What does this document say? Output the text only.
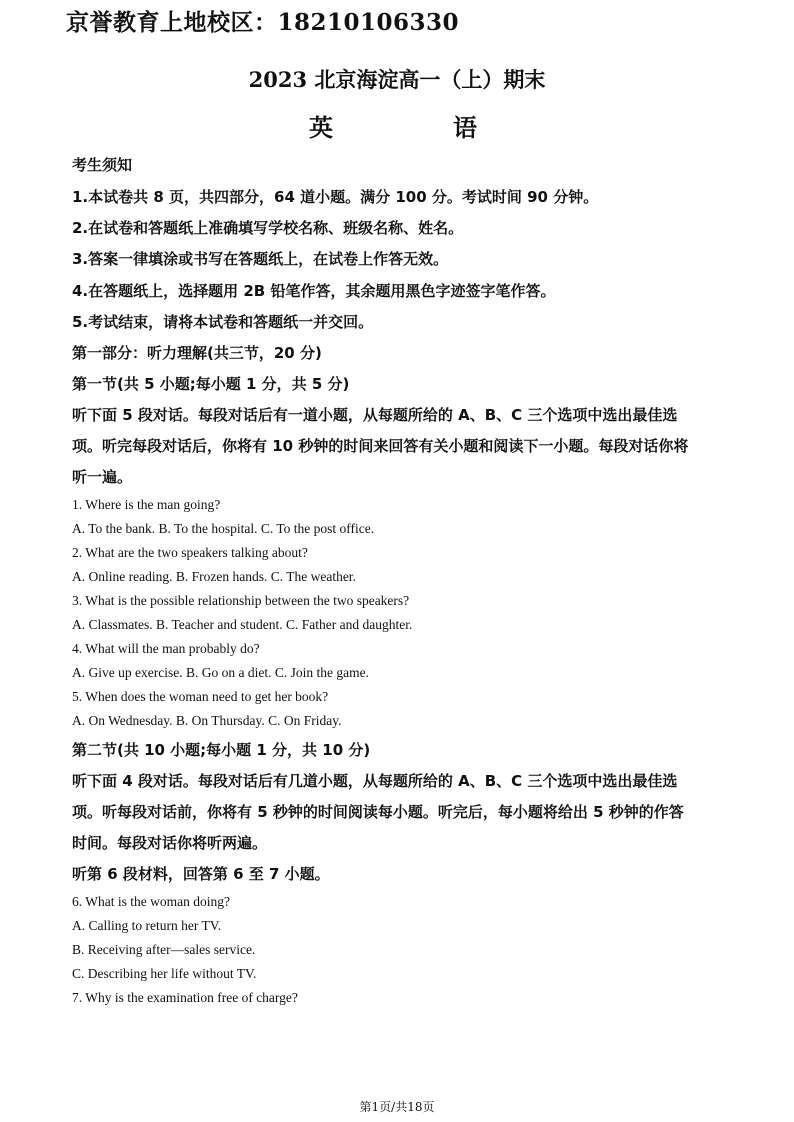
京誉教育上地校区：18210106330
2023 北京海淀高一（上）期末
英　语
考生须知
1.本试卷共 8 页，共四部分，64 道小题。满分 100 分。考试时间 90 分钟。
2.在试卷和答题纸上准确填写学校名称、班级名称、姓名。
3.答案一律填涂或书写在答题纸上，在试卷上作答无效。
4.在答题纸上，选择题用 2B 铅笔作答，其余题用黑色字迹签字笔作答。
5.考试结束，请将本试卷和答题纸一并交回。
第一部分：听力理解(共三节，20 分)
第一节(共 5 小题;每小题 1 分，共 5 分)
听下面 5 段对话。每段对话后有一道小题，从每题所给的 A、B、C 三个选项中选出最佳选
项。听完每段对话后，你将有 10 秒钟的时间来回答有关小题和阅读下一小题。每段对话你将
听一遍。
1. Where is the man going?
A. To the bank. B. To the hospital. C. To the post office.
2. What are the two speakers talking about?
A. Online reading. B. Frozen hands. C. The weather.
3. What is the possible relationship between the two speakers?
A. Classmates. B. Teacher and student. C. Father and daughter.
4. What will the man probably do?
A. Give up exercise. B. Go on a diet. C. Join the game.
5. When does the woman need to get her book?
A. On Wednesday. B. On Thursday. C. On Friday.
第二节(共 10 小题;每小题 1 分，共 10 分)
听下面 4 段对话。每段对话后有几道小题，从每题所给的 A、B、C 三个选项中选出最佳选
项。听每段对话前，你将有 5 秒钟的时间阅读每小题。听完后，每小题将给出 5 秒钟的作答
时间。每段对话你将听两遍。
听第 6 段材料，回答第 6 至 7 小题。
6. What is the woman doing?
A. Calling to return her TV.
B. Receiving after—sales service.
C. Describing her life without TV.
7. Why is the examination free of charge?
第1页/共18页
